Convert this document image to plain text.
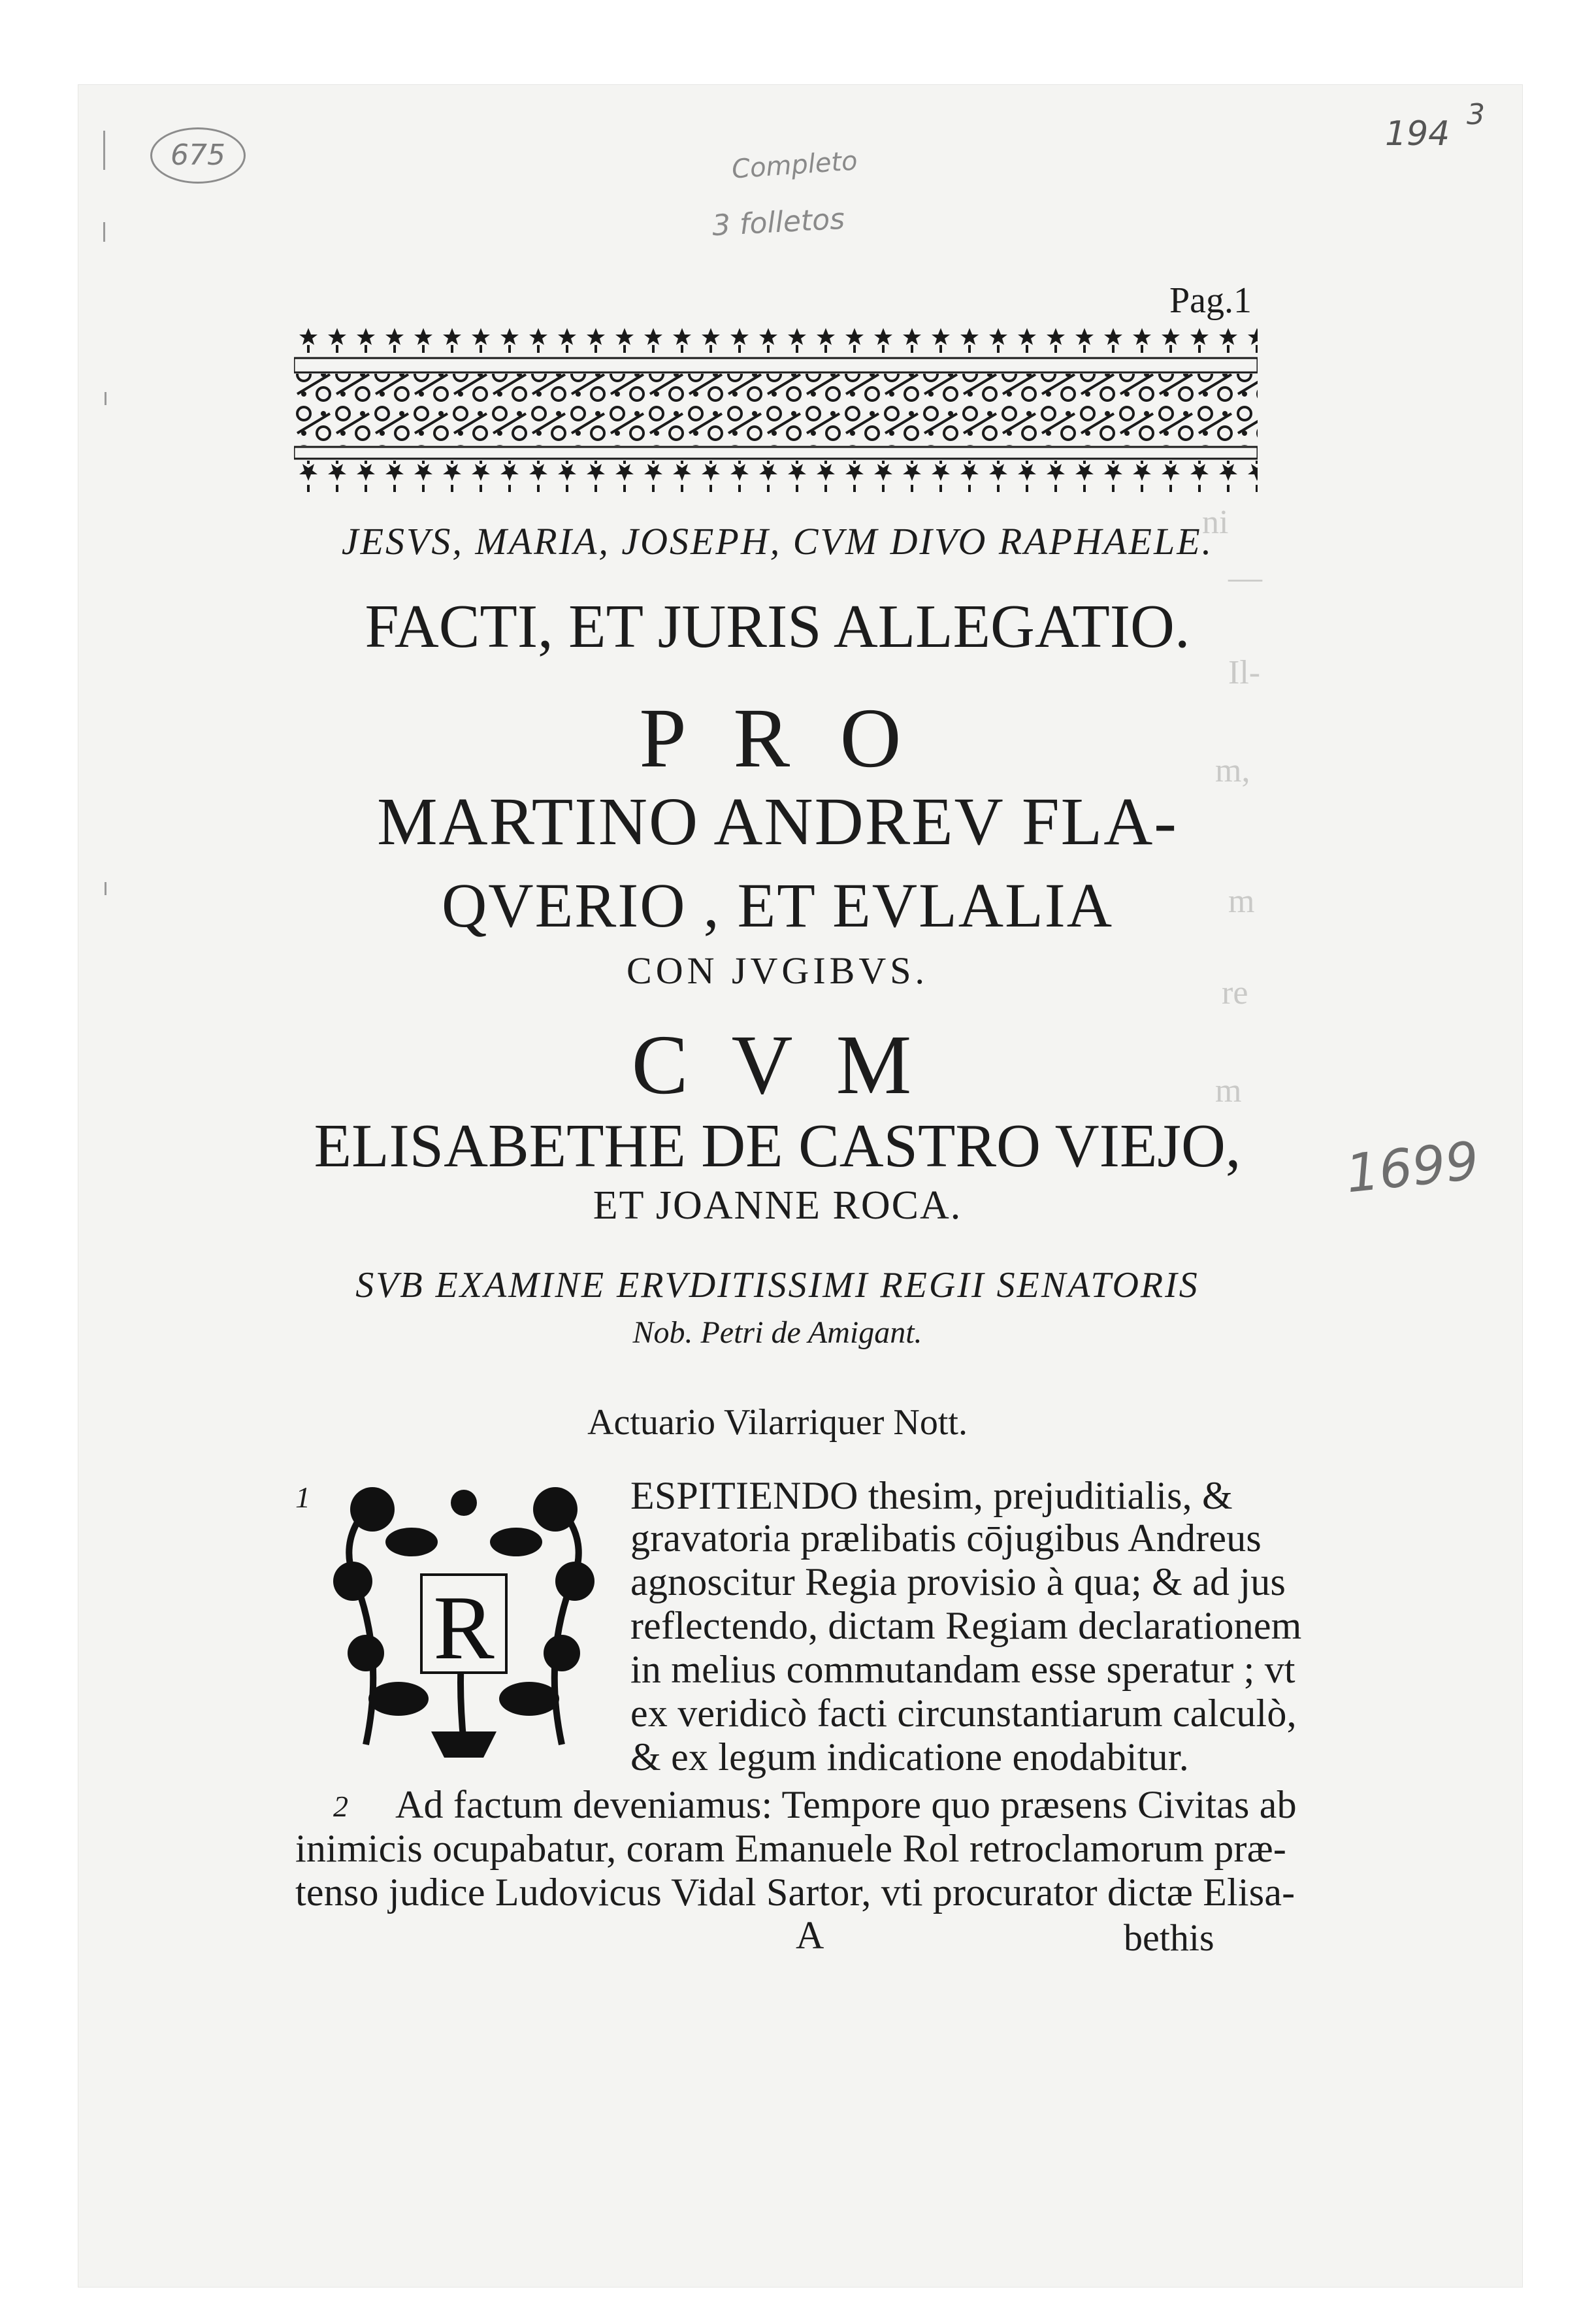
675	Completo
3 folletos
194 3
1699
ni
—
Il-
m,
m
re
m
Pag.1
JESVS, MARIA, JOSEPH, CVM DIVO RAPHAELE.
FACTI, ET JURIS ALLEGATIO.
P R O
MARTINO ANDREV FLA-
QVERIO , ET EVLALIA
CON JVGIBVS.
C V M
ELISABETHE DE CASTRO VIEJO,
ET JOANNE ROCA.
SVB EXAMINE ERVDITISSIMI REGII SENATORIS
Nob. Petri de Amigant.
Actuario Vilarriquer Nott.
1
R
ESPITIENDO thesim, prejuditialis, &
gravatoria prælibatis cōjugibus Andreus
agnoscitur Regia provisio à qua; & ad jus
reflectendo, dictam Regiam declarationem
in melius commutandam esse speratur ; vt
ex veridicò facti circunstantiarum calculò,
& ex legum indicatione enodabitur.
2 Ad factum deveniamus: Tempore quo præsens Civitas ab
inimicis ocupabatur, coram Emanuele Rol retroclamorum præ-
tenso judice Ludovicus Vidal Sartor, vti procurator dictæ Elisa-
A	bethis
